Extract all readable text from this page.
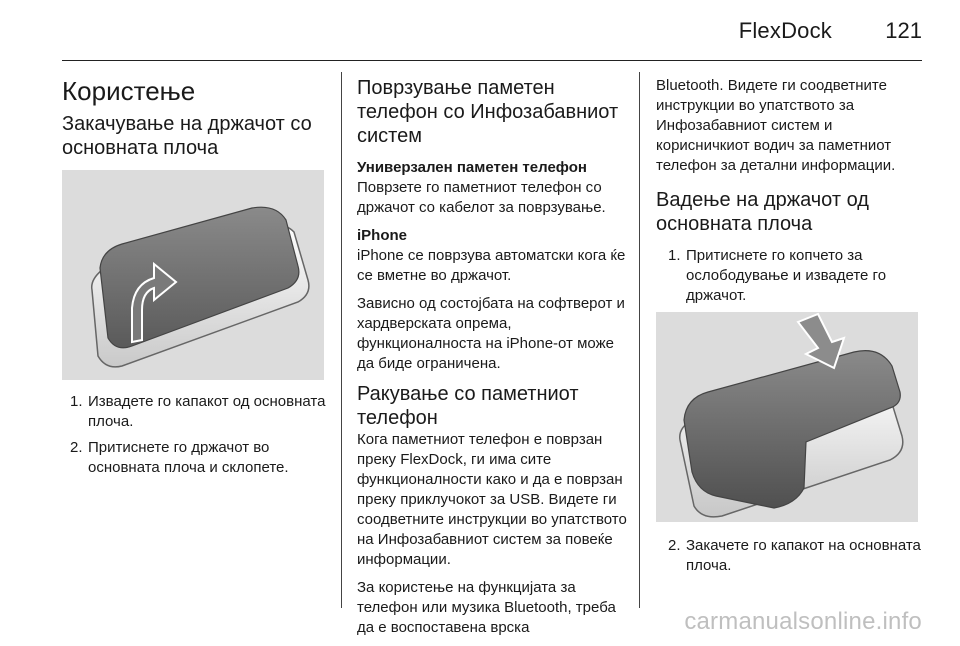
FlexDock 121
Користење
Закачување на држачот со основната плоча
1. Извадете го капакот од основната плоча.
2. Притиснете го држачот во основната плоча и склопете.
Поврзување паметен телефон со Инфозабавниот систем
Универзален паметен телефон

Поврзете го паметниот телефон со држачот со кабелот за поврзување.

iPhone

iPhone се поврзува автоматски кога ќе се вметне во држачот.

Зависно од состојбата на софтверот и хардверската опрема, функционалноста на iPhone-от може да биде ограничена.

Ракување со паметниот телефон

Кога паметниот телефон е поврзан преку FlexDock, ги има сите функционалности како и да е поврзан преку приклучокот за USB. Видете ги соодветните инструкции во упатството на Инфозабавниот систем за повеќе информации.

За користење на функцијата за телефон или музика Bluetooth, треба да е воспоставена врска

Bluetooth. Видете ги соодветните инструкции во упатството за Инфозабавниот систем и корисничкиот водич за паметниот телефон за детални информации.

Вадење на држачот од основната плоча
1. Притиснете го копчето за ослободување и извадете го држачот.
2. Закачете го капакот на основната плоча.
carmanualsonline.info
